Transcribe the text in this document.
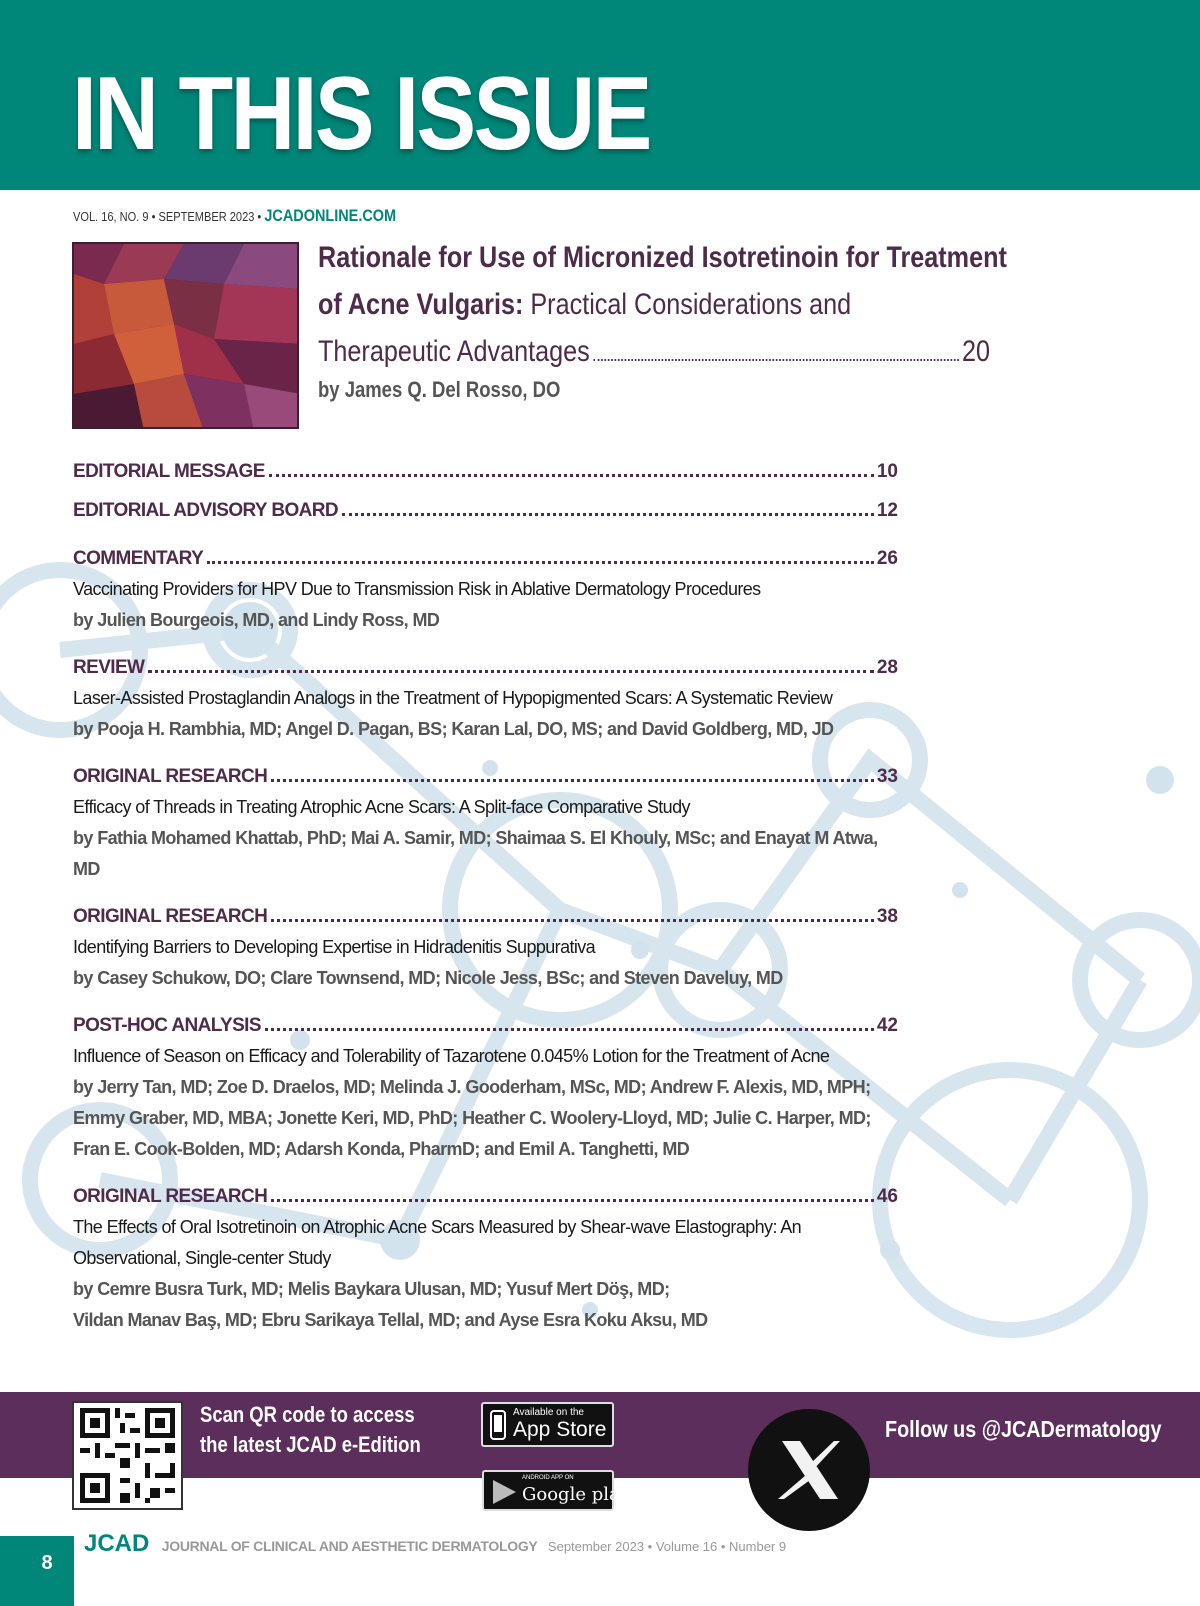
IN THIS ISSUE
VOL. 16, NO. 9 • SEPTEMBER 2023 • JCADONLINE.COM
Rationale for Use of Micronized Isotretinoin for Treatment of Acne Vulgaris: Practical Considerations and
Therapeutic Advantages	20
by James Q. Del Rosso, DO
EDITORIAL MESSAGE	10
EDITORIAL ADVISORY BOARD	12
COMMENTARY	26
Vaccinating Providers for HPV Due to Transmission Risk in Ablative Dermatology Procedures
by Julien Bourgeois, MD, and Lindy Ross, MD
REVIEW	28
Laser-Assisted Prostaglandin Analogs in the Treatment of Hypopigmented Scars: A Systematic Review
by Pooja H. Rambhia, MD; Angel D. Pagan, BS; Karan Lal, DO, MS; and David Goldberg, MD, JD
ORIGINAL RESEARCH	33
Efficacy of Threads in Treating Atrophic Acne Scars: A Split-face Comparative Study
by Fathia Mohamed Khattab, PhD; Mai A. Samir, MD; Shaimaa S. El Khouly, MSc; and Enayat M Atwa, MD
ORIGINAL RESEARCH	38
Identifying Barriers to Developing Expertise in Hidradenitis Suppurativa
by Casey Schukow, DO; Clare Townsend, MD; Nicole Jess, BSc; and Steven Daveluy, MD
POST-HOC ANALYSIS	42
Influence of Season on Efficacy and Tolerability of Tazarotene 0.045% Lotion for the Treatment of Acne
by Jerry Tan, MD; Zoe D. Draelos, MD; Melinda J. Gooderham, MSc, MD; Andrew F. Alexis, MD, MPH;
Emmy Graber, MD, MBA; Jonette Keri, MD, PhD; Heather C. Woolery-Lloyd, MD; Julie C. Harper, MD;
Fran E. Cook-Bolden, MD; Adarsh Konda, PharmD; and Emil A. Tanghetti, MD
ORIGINAL RESEARCH	46
The Effects of Oral Isotretinoin on Atrophic Acne Scars Measured by Shear-wave Elastography: An Observational, Single-center Study
by Cemre Busra Turk, MD; Melis Baykara Ulusan, MD; Yusuf Mert Döş, MD;
Vildan Manav Baş, MD; Ebru Sarikaya Tellal, MD; and Ayse Esra Koku Aksu, MD
Scan QR code to access
the latest JCAD e-Edition
Available on the
App Store
ANDROID APP ON
Google play
Follow us @JCADermatology
8
JCAD JOURNAL OF CLINICAL AND AESTHETIC DERMATOLOGY September 2023 • Volume 16 • Number 9
